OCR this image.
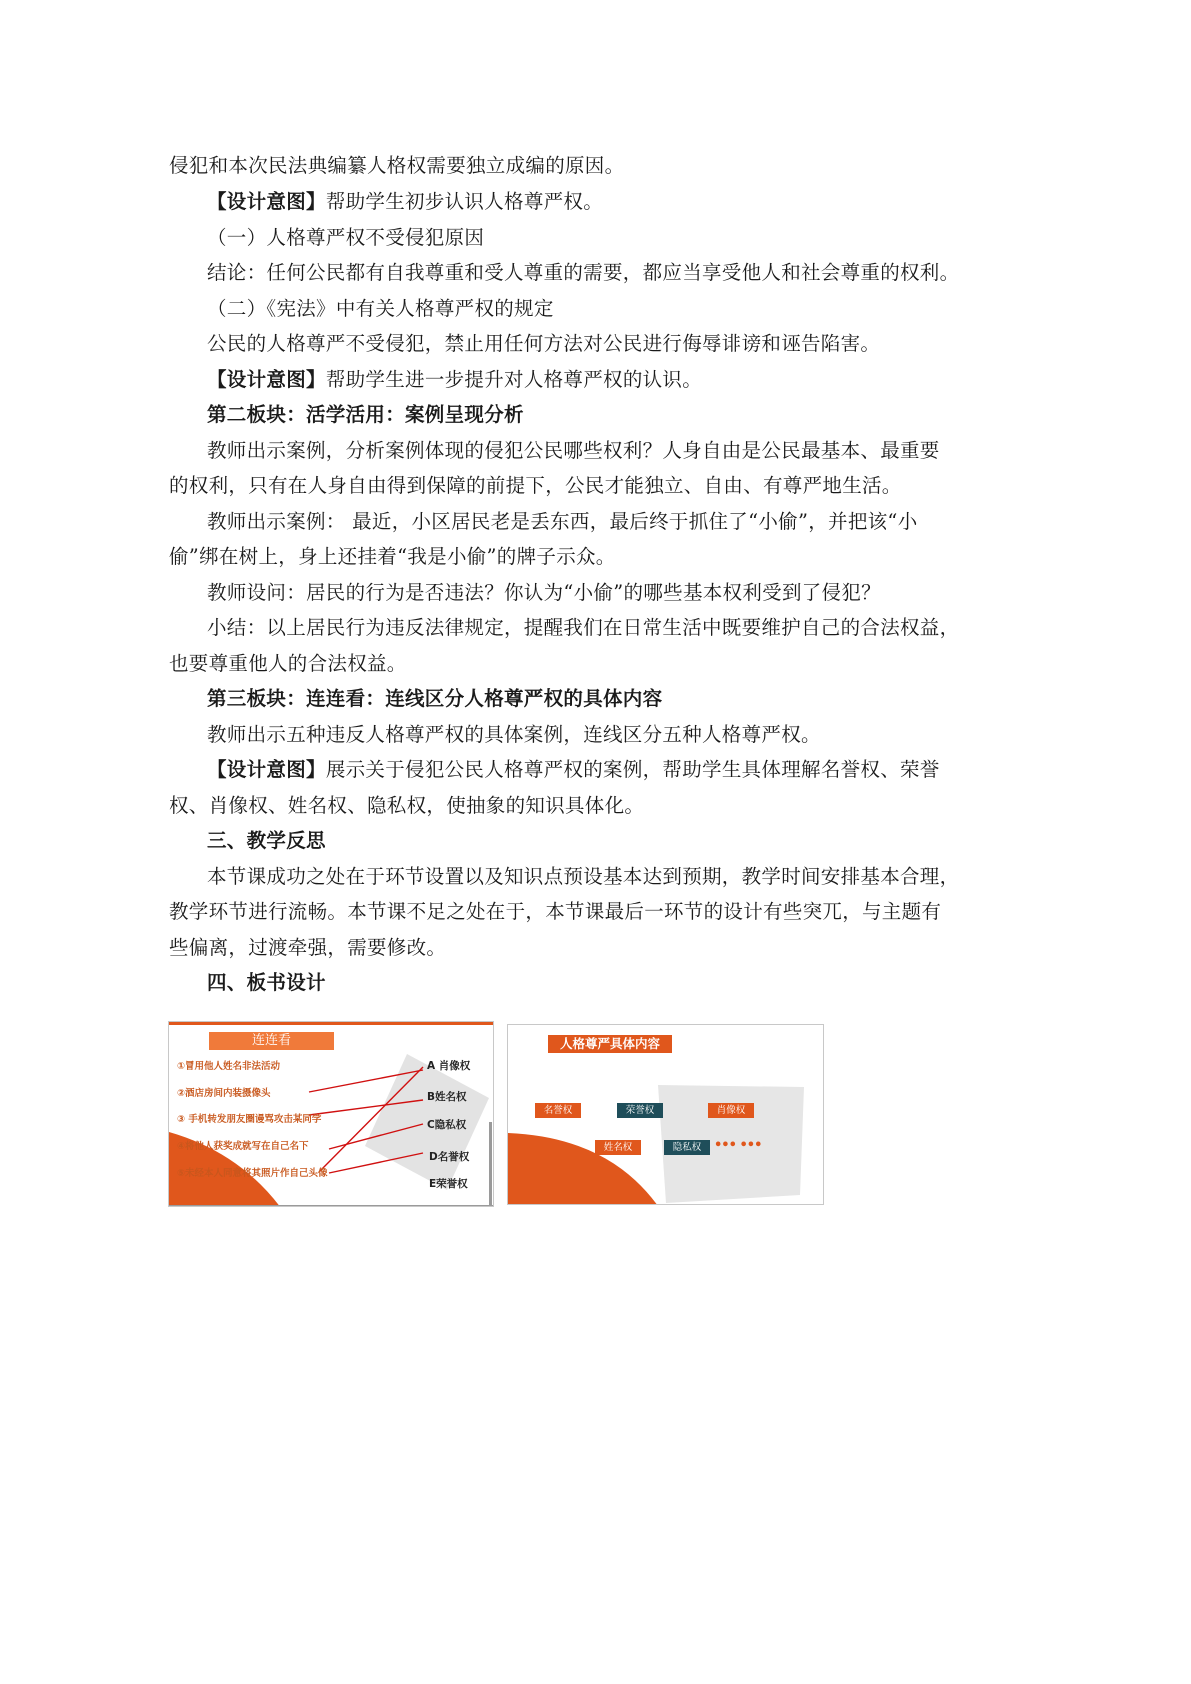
侵犯和本次民法典编纂人格权需要独立成编的原因。
【设计意图】帮助学生初步认识人格尊严权。
（一）人格尊严权不受侵犯原因
结论：任何公民都有自我尊重和受人尊重的需要，都应当享受他人和社会尊重的权利。
（二）《宪法》中有关人格尊严权的规定
公民的人格尊严不受侵犯，禁止用任何方法对公民进行侮辱诽谤和诬告陷害。
【设计意图】帮助学生进一步提升对人格尊严权的认识。
第二板块：活学活用：案例呈现分析
教师出示案例，分析案例体现的侵犯公民哪些权利？人身自由是公民最基本、最重要
的权利，只有在人身自由得到保障的前提下，公民才能独立、自由、有尊严地生活。
教师出示案例： 最近，小区居民老是丢东西，最后终于抓住了“小偷”，并把该“小
偷”绑在树上，身上还挂着“我是小偷”的牌子示众。
教师设问：居民的行为是否违法？你认为“小偷”的哪些基本权利受到了侵犯？
小结：以上居民行为违反法律规定，提醒我们在日常生活中既要维护自己的合法权益，
也要尊重他人的合法权益。
第三板块：连连看：连线区分人格尊严权的具体内容
教师出示五种违反人格尊严权的具体案例，连线区分五种人格尊严权。
【设计意图】展示关于侵犯公民人格尊严权的案例，帮助学生具体理解名誉权、荣誉
权、肖像权、姓名权、隐私权，使抽象的知识具体化。
三、教学反思
本节课成功之处在于环节设置以及知识点预设基本达到预期，教学时间安排基本合理，
教学环节进行流畅。本节课不足之处在于，本节课最后一环节的设计有些突兀，与主题有
些偏离，过渡牵强，需要修改。
四、板书设计
连连看
①冒用他人姓名非法活动
②酒店房间内装摄像头
③ 手机转发朋友圈谩骂攻击某同学
④将他人获奖成就写在自己名下
⑤未经本人同意将其照片作自己头像
A 肖像权
B姓名权
C隐私权
D名誉权
E荣誉权
人格尊严具体内容
名誉权	荣誉权	肖像权
姓名权	隐私权 ••• •••
